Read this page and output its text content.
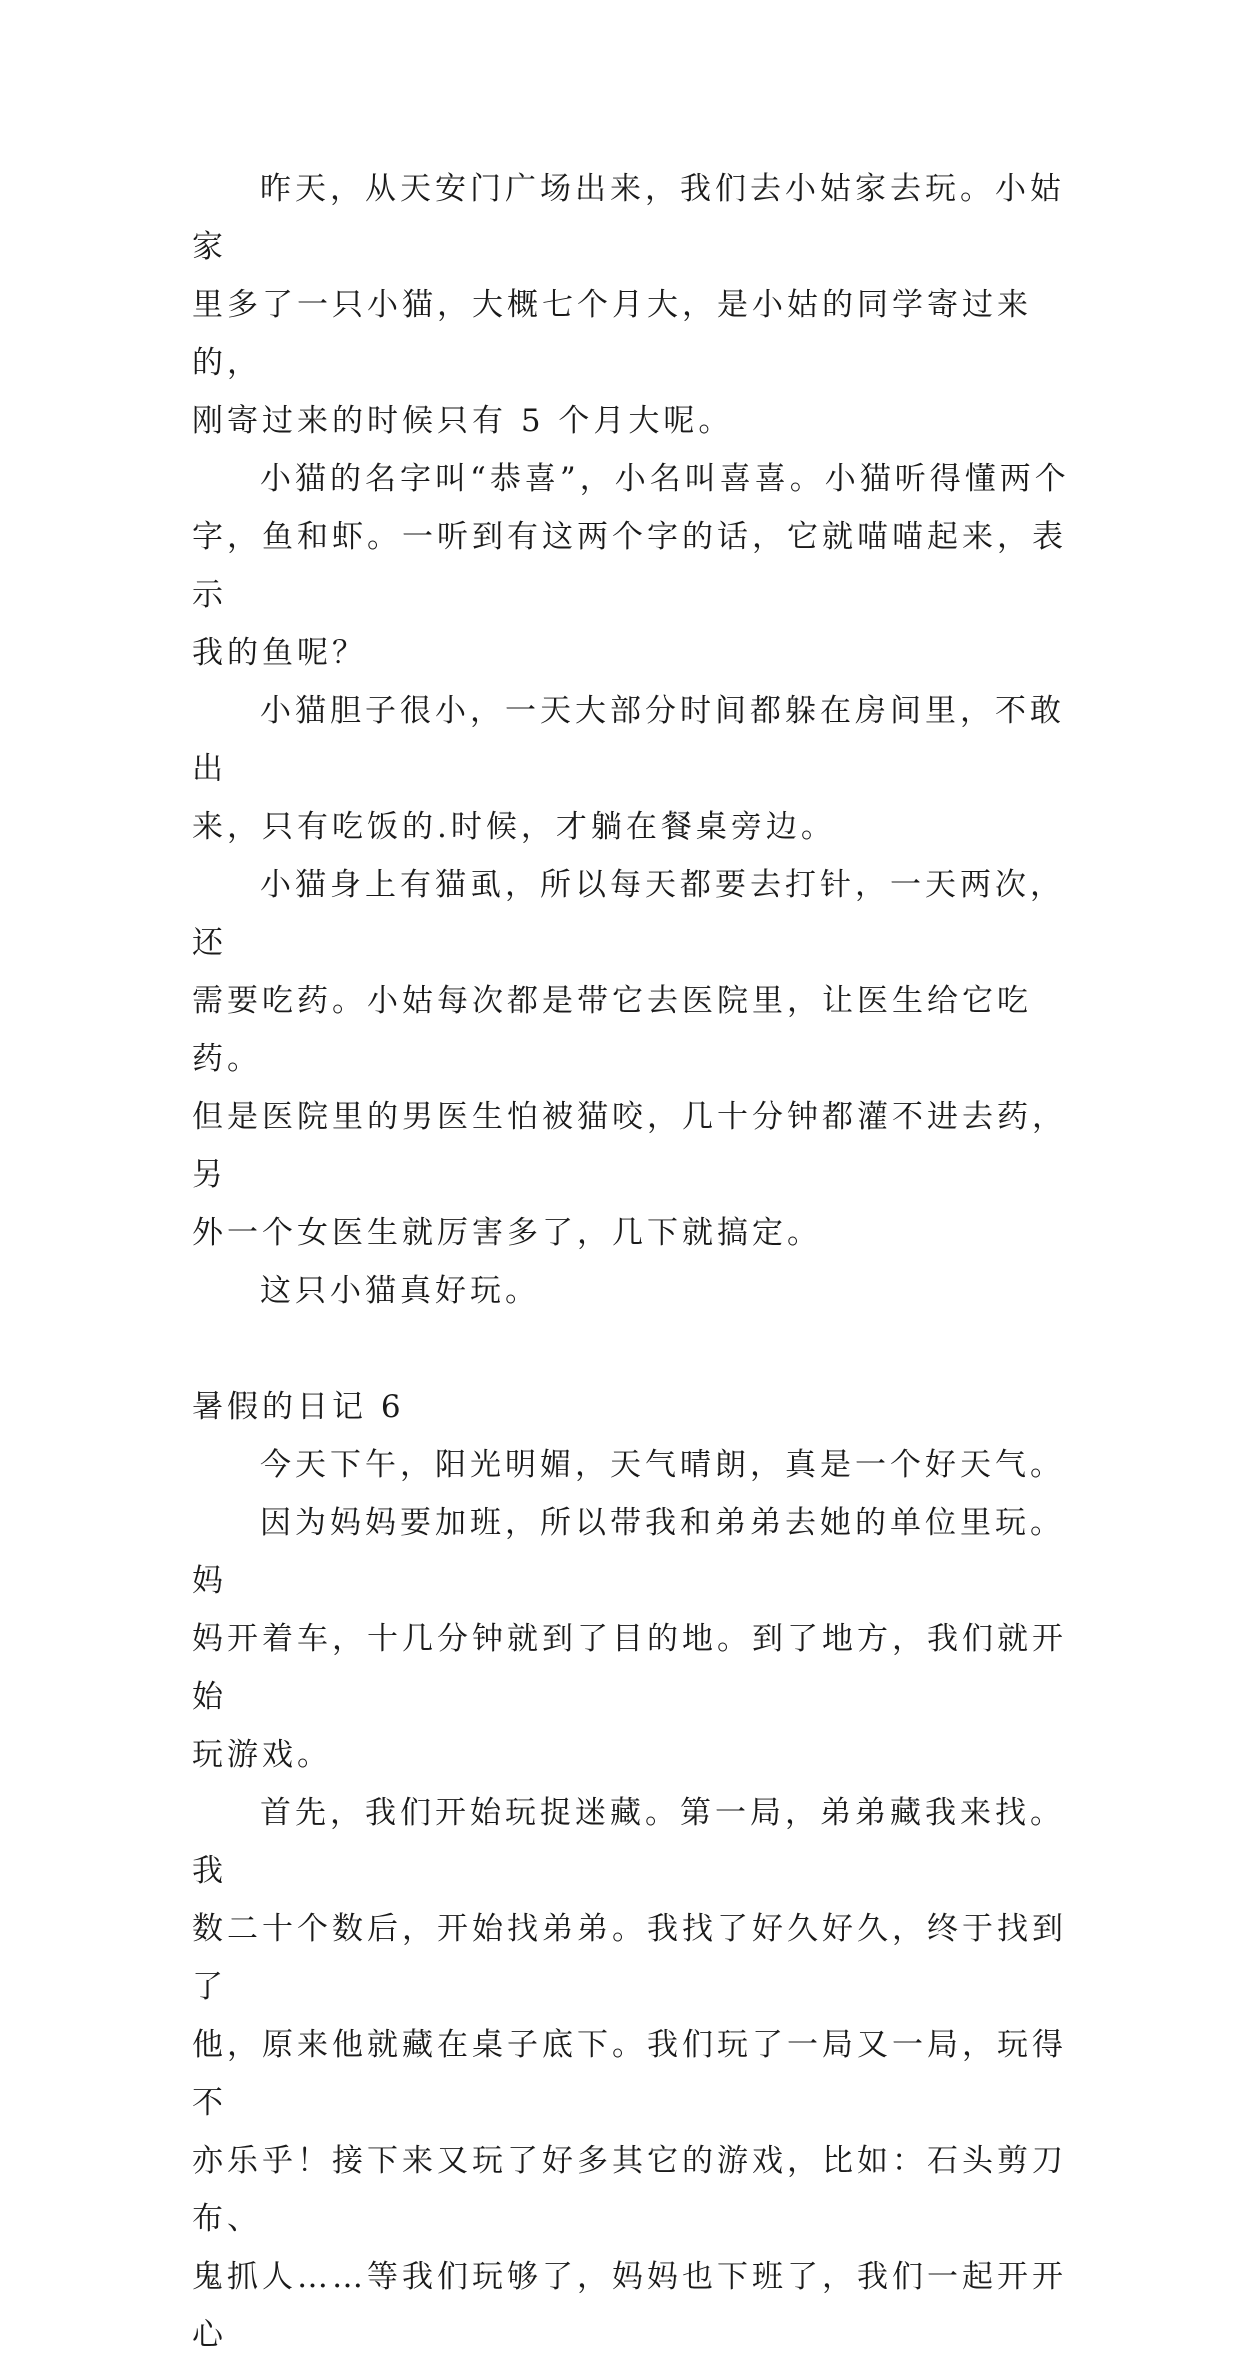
昨天，从天安门广场出来，我们去小姑家去玩。小姑家
里多了一只小猫，大概七个月大，是小姑的同学寄过来的，
刚寄过来的时候只有 5 个月大呢。

小猫的名字叫“恭喜”，小名叫喜喜。小猫听得懂两个
字，鱼和虾。一听到有这两个字的话，它就喵喵起来，表示
我的鱼呢？

小猫胆子很小，一天大部分时间都躲在房间里，不敢出
来，只有吃饭的.时候，才躺在餐桌旁边。

小猫身上有猫虱，所以每天都要去打针，一天两次，还
需要吃药。小姑每次都是带它去医院里，让医生给它吃药。
但是医院里的男医生怕被猫咬，几十分钟都灌不进去药，另
外一个女医生就厉害多了，几下就搞定。

这只小猫真好玩。

暑假的日记 6

今天下午，阳光明媚，天气晴朗，真是一个好天气。

因为妈妈要加班，所以带我和弟弟去她的单位里玩。妈
妈开着车，十几分钟就到了目的地。到了地方，我们就开始
玩游戏。

首先，我们开始玩捉迷藏。第一局，弟弟藏我来找。我
数二十个数后，开始找弟弟。我找了好久好久，终于找到了
他，原来他就藏在桌子底下。我们玩了一局又一局，玩得不
亦乐乎！接下来又玩了好多其它的游戏，比如：石头剪刀布、
鬼抓人……等我们玩够了，妈妈也下班了，我们一起开开心
